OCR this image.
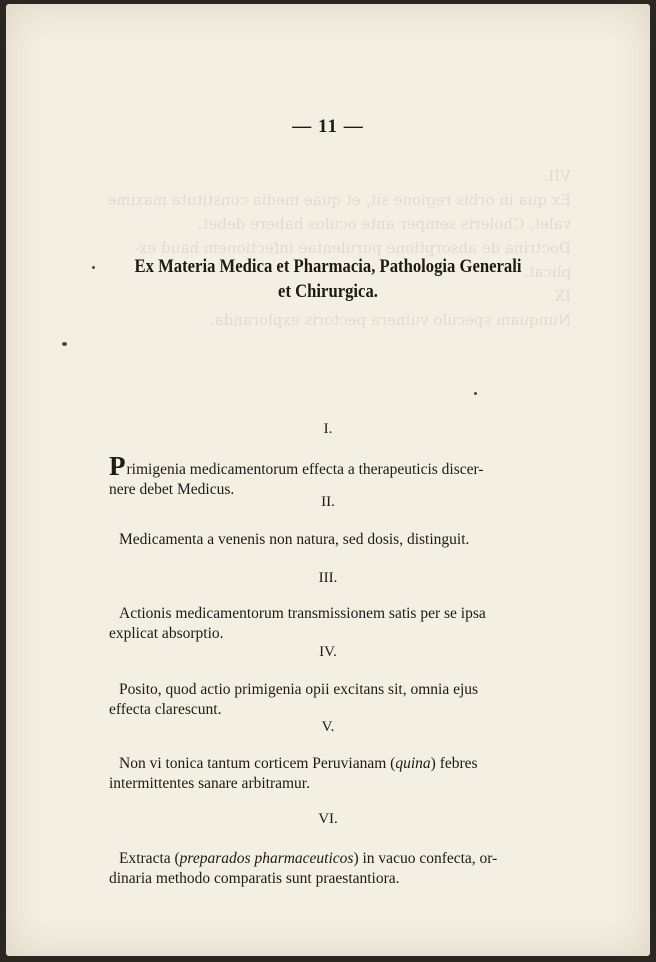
VII.
Ex qua in orbis regione sit, et quae media constituta maxime
valet, Choleris semper ante oculos habere debet.
Doctrina de absorptione purulentae infectionem haud ex-
plicat.
IX.
Nunquam speculo vulnera pectoris exploranda.
— 11 —
Ex Materia Medica et Pharmacia, Pathologia Generali
et Chirurgica.
I.
Primigenia medicamentorum effecta a therapeuticis discer-
nere debet Medicus.
II.
Medicamenta a venenis non natura, sed dosis, distinguit.
III.
Actionis medicamentorum transmissionem satis per se ipsa
explicat absorptio.
IV.
Posito, quod actio primigenia opii excitans sit, omnia ejus
effecta clarescunt.
V.
Non vi tonica tantum corticem Peruvianam (quina) febres
intermittentes sanare arbitramur.
VI.
Extracta (preparados pharmaceuticos) in vacuo confecta, or-
dinaria methodo comparatis sunt praestantiora.
